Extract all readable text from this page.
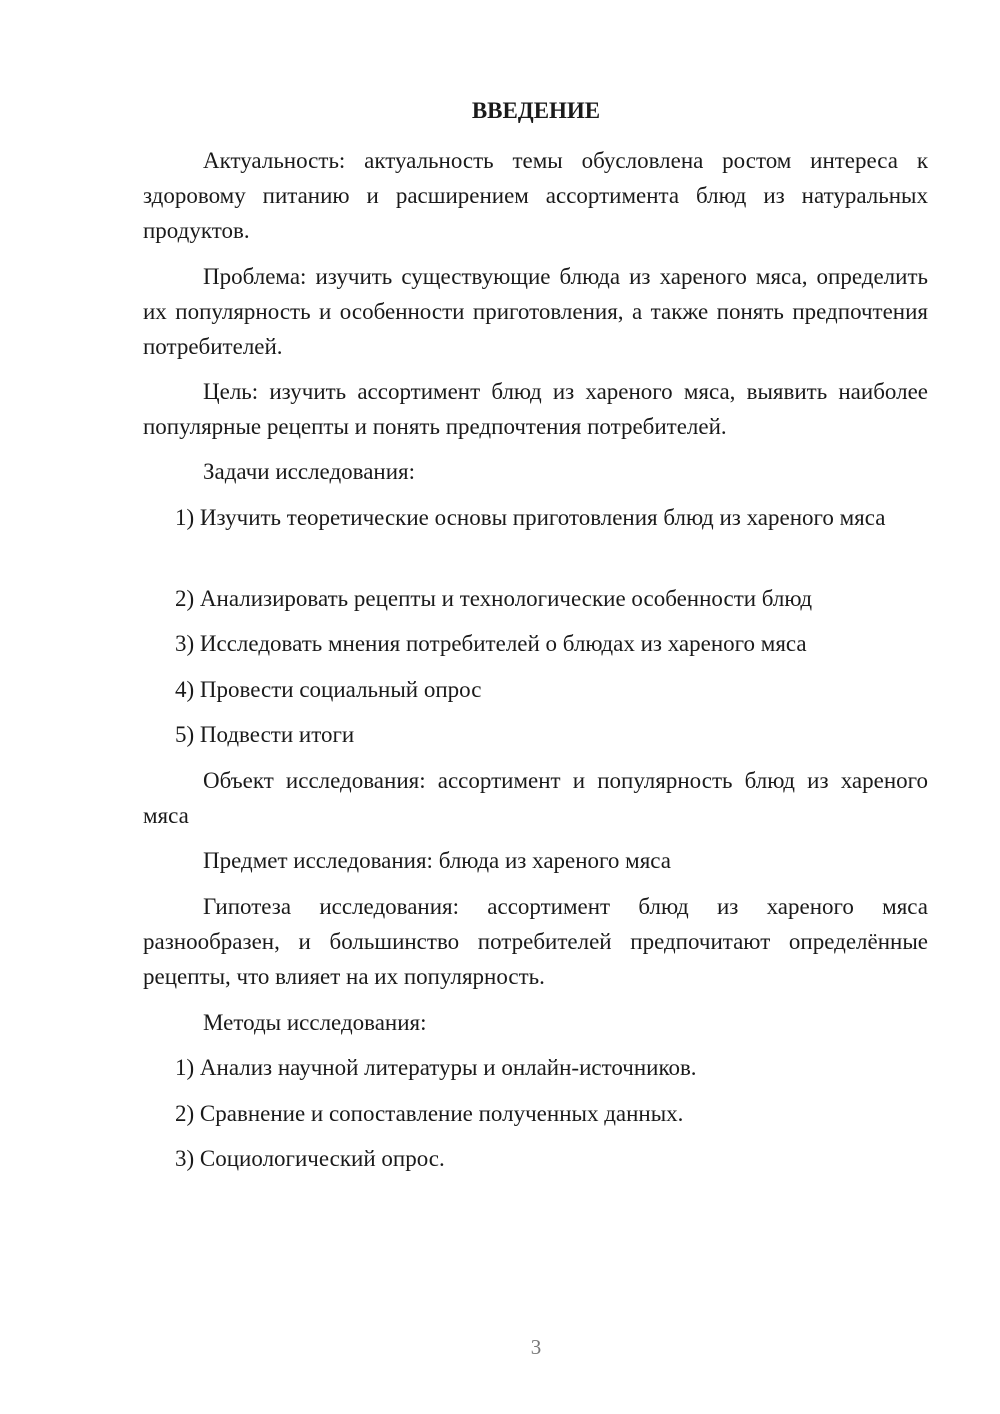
ВВЕДЕНИЕ

Актуальность: актуальность темы обусловлена ростом интереса к здоровому питанию и расширением ассортимента блюд из натуральных продуктов.

Проблема: изучить существующие блюда из хареного мяса, определить их популярность и особенности приготовления, а также понять предпочтения потребителей.

Цель: изучить ассортимент блюд из хареного мяса, выявить наиболее популярные рецепты и понять предпочтения потребителей.

Задачи исследования:

1) Изучить теоретические основы приготовления блюд из хареного мяса

2) Анализировать рецепты и технологические особенности блюд

3) Исследовать мнения потребителей о блюдах из хареного мяса

4) Провести социальный опрос

5) Подвести итоги

Объект исследования: ассортимент и популярность блюд из хареного мяса

Предмет исследования: блюда из хареного мяса

Гипотеза исследования: ассортимент блюд из хареного мяса разнообразен, и большинство потребителей предпочитают определённые рецепты, что влияет на их популярность.

Методы исследования:

1) Анализ научной литературы и онлайн-источников.

2) Сравнение и сопоставление полученных данных.

3) Социологический опрос.

3
